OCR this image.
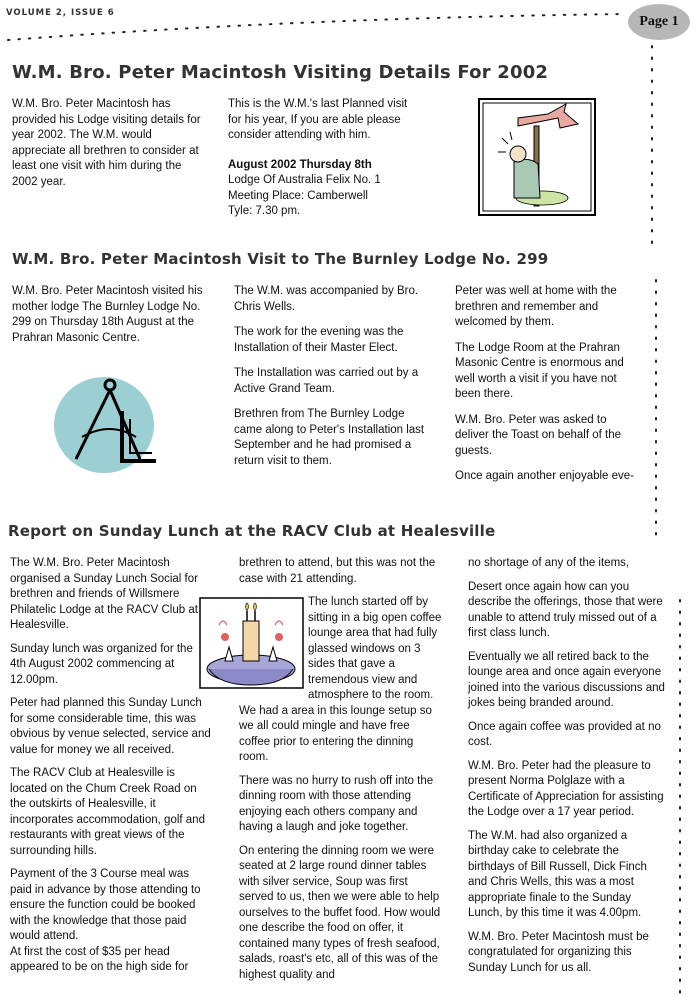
VOLUME 2, ISSUE 6
Page 1
W.M. Bro. Peter Macintosh Visiting Details For 2002

W.M. Bro. Peter Macintosh has provided his Lodge visiting details for year 2002. The W.M. would appreciate all brethren to consider at least one visit with him during the 2002 year.

This is the W.M.'s last Planned visit for his year, If you are able please consider attending with him.

August 2002 Thursday 8th

Lodge Of Australia Felix No. 1

Meeting Place: Camberwell

Tyle: 7.30 pm.

W.M. Bro. Peter Macintosh Visit to The Burnley Lodge No. 299

W.M. Bro. Peter Macintosh visited his mother lodge The Burnley Lodge No. 299 on Thursday 18th August at the Prahran Masonic Centre.

The W.M. was accompanied by Bro. Chris Wells.

The work for the evening was the Installation of their Master Elect.

The Installation was carried out by a Active Grand Team.

Brethren from The Burnley Lodge came along to Peter's Installation last September and he had promised a return visit to them.

Peter was well at home with the brethren and remember and welcomed by them.

The Lodge Room at the Prahran Masonic Centre is enormous and well worth a visit if you have not been there.

W.M. Bro. Peter was asked to deliver the Toast on behalf of the guests.

Once again another enjoyable eve-

Report on Sunday Lunch at the RACV Club at Healesville

The W.M. Bro. Peter Macintosh organised a Sunday Lunch Social for brethren and friends of Willsmere Philatelic Lodge at the RACV Club at Healesville.

Sunday lunch was organized for the 4th August 2002 commencing at 12.00pm.

Peter had planned this Sunday Lunch for some considerable time, this was obvious by venue selected, service and value for money we all received.

The RACV Club at Healesville is located on the Chum Creek Road on the outskirts of Healesville, it incorporates accommodation, golf and restaurants with great views of the surrounding hills.

Payment of the 3 Course meal was paid in advance by those attending to ensure the function could be booked with the knowledge that those paid would attend.

At first the cost of $35 per head appeared to be on the high side for

brethren to attend, but this was not the case with 21 attending.

The lunch started off by sitting in a big open coffee lounge area that had fully glassed windows on 3 sides that gave a tremendous view and atmosphere to the room. We had a area in this lounge setup so we all could mingle and have free coffee prior to entering the dinning room.

There was no hurry to rush off into the dinning room with those attending enjoying each others company and having a laugh and joke together.

On entering the dinning room we were seated at 2 large round dinner tables with silver service, Soup was first served to us, then we were able to help ourselves to the buffet food. How would one describe the food on offer, it contained many types of fresh seafood, salads, roast's etc, all of this was of the highest quality and

no shortage of any of the items,

Desert once again how can you describe the offerings, those that were unable to attend truly missed out of a first class lunch.

Eventually we all retired back to the lounge area and once again everyone joined into the various discussions and jokes being branded around.

Once again coffee was provided at no cost.

W.M. Bro. Peter had the pleasure to present Norma Polglaze with a Certificate of Appreciation for assisting the Lodge over a 17 year period.

The W.M. had also organized a birthday cake to celebrate the birthdays of Bill Russell, Dick Finch and Chris Wells, this was a most appropriate finale to the Sunday Lunch, by this time it was 4.00pm.

W.M. Bro. Peter Macintosh must be congratulated for organizing this Sunday Lunch for us all.
